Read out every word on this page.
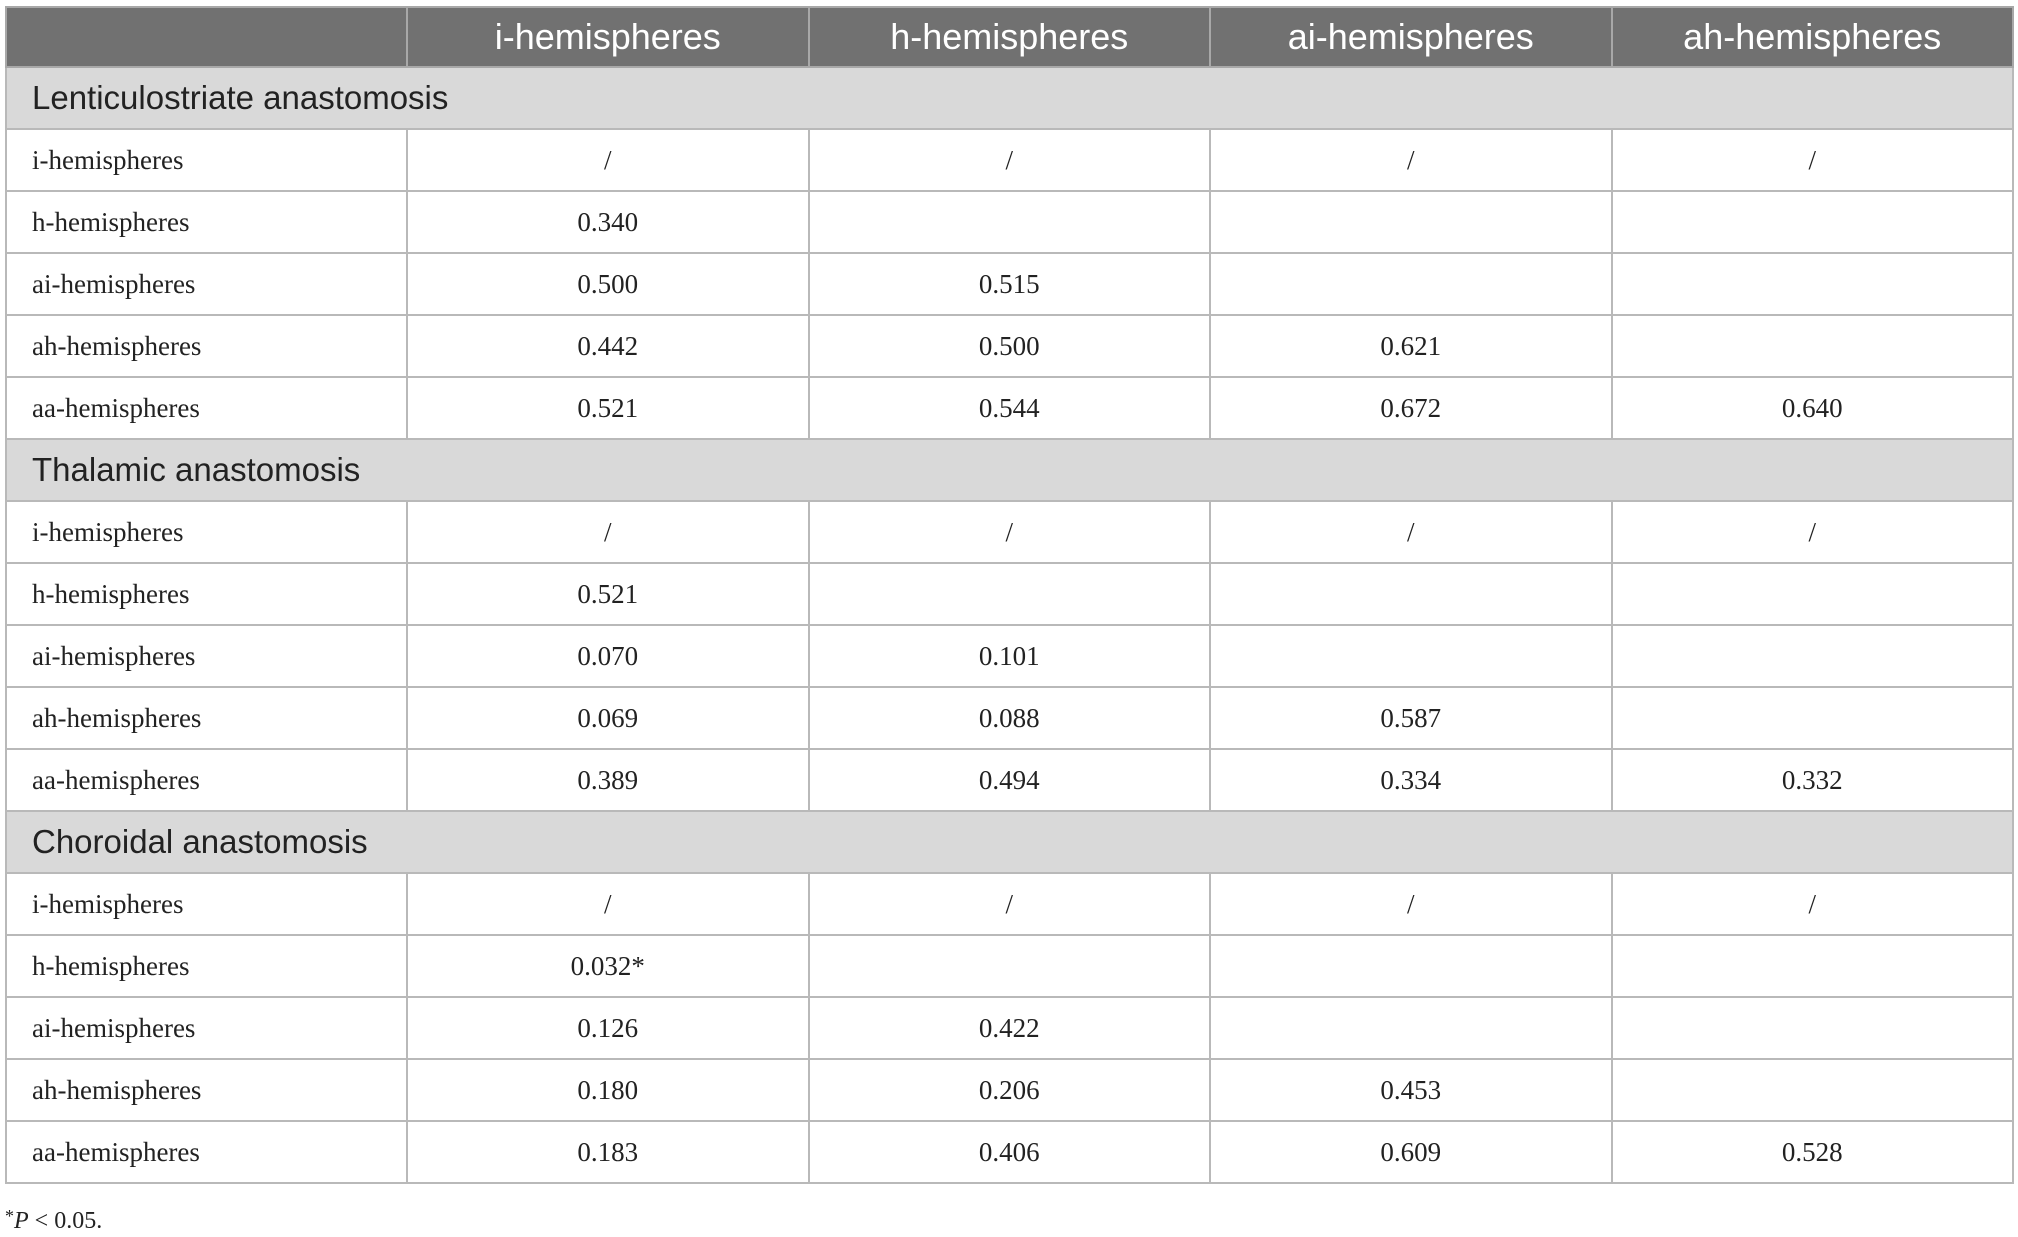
	i-hemispheres	h-hemispheres	ai-hemispheres	ah-hemispheres
Lenticulostriate anastomosis				
i-hemispheres	/	/	/	/
h-hemispheres	0.340			
ai-hemispheres	0.500	0.515		
ah-hemispheres	0.442	0.500	0.621	
aa-hemispheres	0.521	0.544	0.672	0.640
Thalamic anastomosis				
i-hemispheres	/	/	/	/
h-hemispheres	0.521			
ai-hemispheres	0.070	0.101		
ah-hemispheres	0.069	0.088	0.587	
aa-hemispheres	0.389	0.494	0.334	0.332
Choroidal anastomosis				
i-hemispheres	/	/	/	/
h-hemispheres	0.032*			
ai-hemispheres	0.126	0.422		
ah-hemispheres	0.180	0.206	0.453	
aa-hemispheres	0.183	0.406	0.609	0.528
*P < 0.05.
